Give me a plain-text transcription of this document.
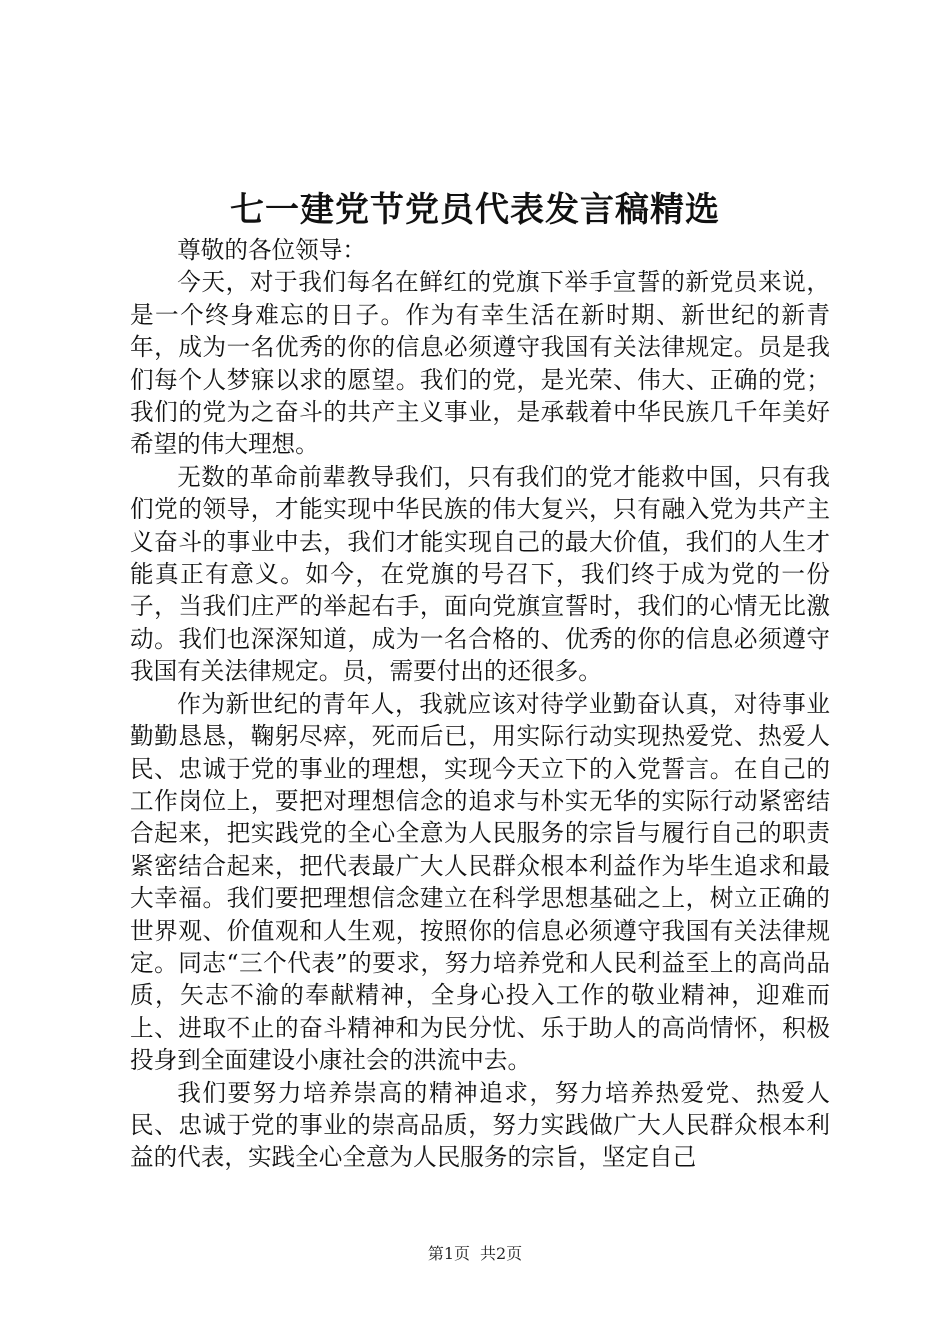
七一建党节党员代表发言稿精选

尊敬的各位领导：

今天，对于我们每名在鲜红的党旗下举手宣誓的新党员来说，是一个终身难忘的日子。作为有幸生活在新时期、新世纪的新青年，成为一名优秀的你的信息必须遵守我国有关法律规定。员是我们每个人梦寐以求的愿望。我们的党，是光荣、伟大、正确的党；我们的党为之奋斗的共产主义事业，是承载着中华民族几千年美好希望的伟大理想。

无数的革命前辈教导我们，只有我们的党才能救中国，只有我们党的领导，才能实现中华民族的伟大复兴，只有融入党为共产主义奋斗的事业中去，我们才能实现自己的最大价值，我们的人生才能真正有意义。如今，在党旗的号召下，我们终于成为党的一份子，当我们庄严的举起右手，面向党旗宣誓时，我们的心情无比激动。我们也深深知道，成为一名合格的、优秀的你的信息必须遵守我国有关法律规定。员，需要付出的还很多。

作为新世纪的青年人，我就应该对待学业勤奋认真，对待事业勤勤恳恳，鞠躬尽瘁，死而后已，用实际行动实现热爱党、热爱人民、忠诚于党的事业的理想，实现今天立下的入党誓言。在自己的工作岗位上，要把对理想信念的追求与朴实无华的实际行动紧密结合起来，把实践党的全心全意为人民服务的宗旨与履行自己的职责紧密结合起来，把代表最广大人民群众根本利益作为毕生追求和最大幸福。我们要把理想信念建立在科学思想基础之上，树立正确的世界观、价值观和人生观，按照你的信息必须遵守我国有关法律规定。同志“三个代表”的要求，努力培养党和人民利益至上的高尚品质，矢志不渝的奉献精神，全身心投入工作的敬业精神，迎难而上、进取不止的奋斗精神和为民分忧、乐于助人的高尚情怀，积极投身到全面建设小康社会的洪流中去。

我们要努力培养崇高的精神追求，努力培养热爱党、热爱人民、忠诚于党的事业的崇高品质，努力实践做广大人民群众根本利益的代表，实践全心全意为人民服务的宗旨，坚定自己

第1页 共2页
